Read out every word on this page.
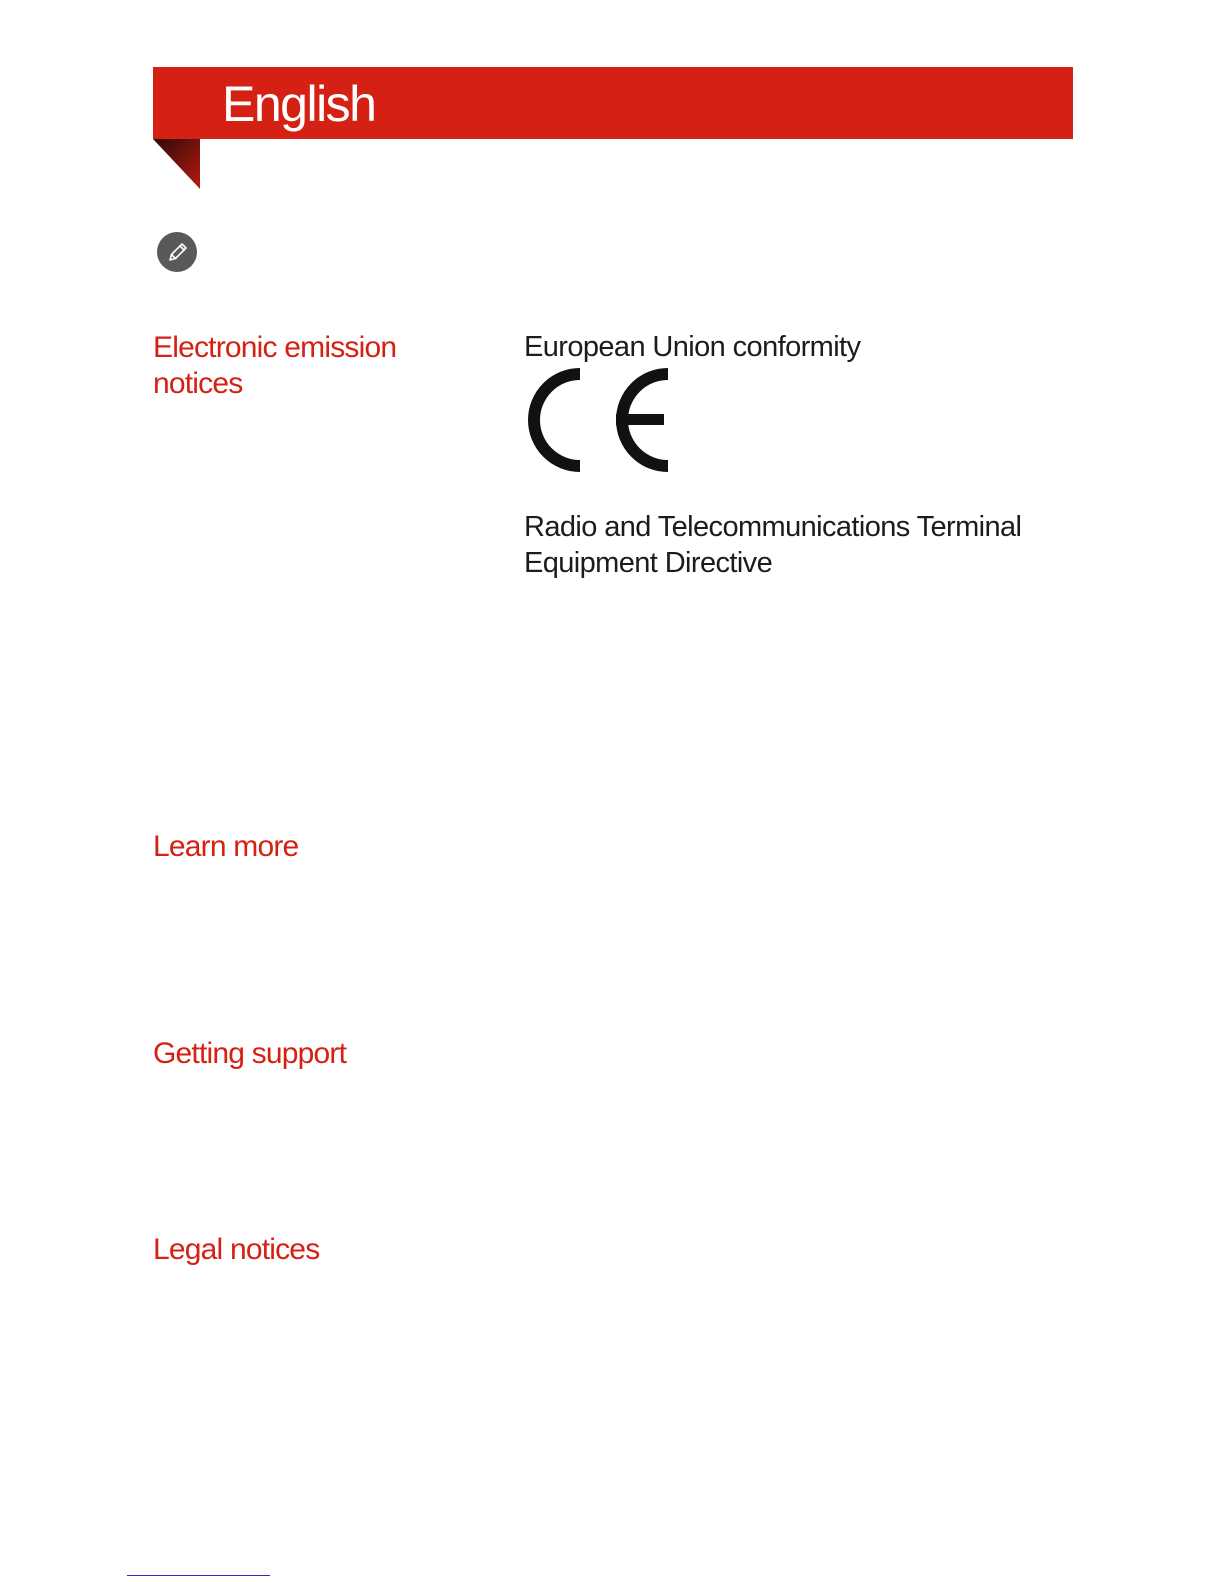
English
Electronic emission notices
European Union conformity
Radio and Telecommunications Terminal Equipment Directive
Learn more
Getting support
Legal notices
